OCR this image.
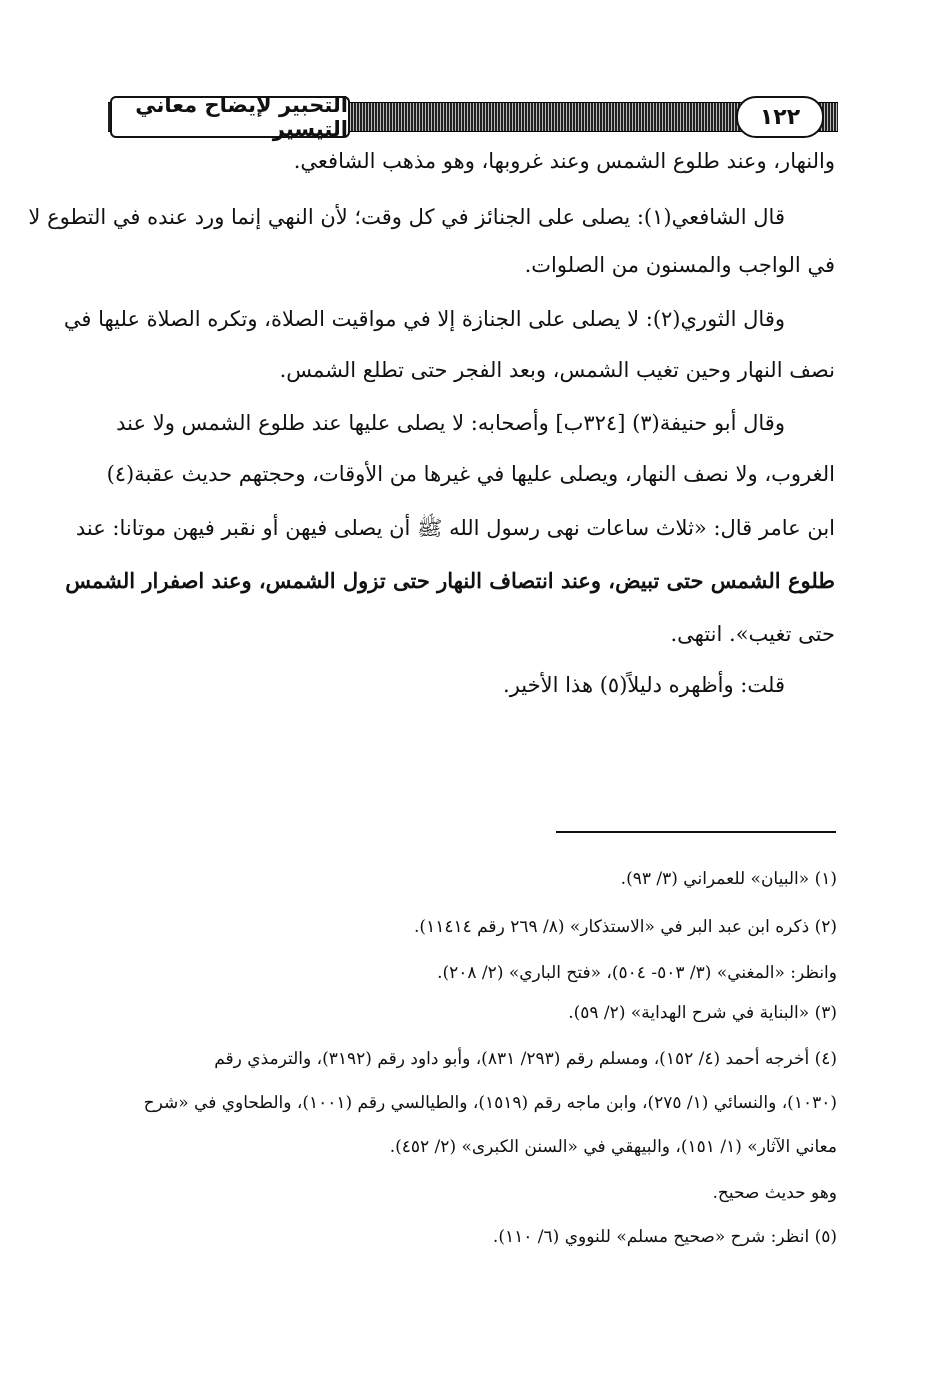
التحبير لإيضاح معاني التيسير	١٢٢
والنهار، وعند طلوع الشمس وعند غروبها، وهو مذهب الشافعي.
قال الشافعي(١): يصلى على الجنائز في كل وقت؛ لأن النهي إنما ورد عنده في التطوع لا
في الواجب والمسنون من الصلوات.
وقال الثوري(٢): لا يصلى على الجنازة إلا في مواقيت الصلاة، وتكره الصلاة عليها في
نصف النهار وحين تغيب الشمس، وبعد الفجر حتى تطلع الشمس.
وقال أبو حنيفة(٣) [٣٢٤ب] وأصحابه: لا يصلى عليها عند طلوع الشمس ولا عند
الغروب، ولا نصف النهار، ويصلى عليها في غيرها من الأوقات، وحجتهم حديث عقبة(٤)
ابن عامر قال: «ثلاث ساعات نهى رسول الله ﷺ أن يصلى فيهن أو نقبر فيهن موتانا: عند
طلوع الشمس حتى تبيض، وعند انتصاف النهار حتى تزول الشمس، وعند اصفرار الشمس
حتى تغيب». انتهى.
قلت: وأظهره دليلاً(٥) هذا الأخير.
(١) «البيان» للعمراني (٣/ ٩٣).
(٢) ذكره ابن عبد البر في «الاستذكار» (٨/ ٢٦٩ رقم ١١٤١٤).
وانظر: «المغني» (٣/ ٥٠٣- ٥٠٤)، «فتح الباري» (٢/ ٢٠٨).
(٣) «البناية في شرح الهداية» (٢/ ٥٩).
(٤) أخرجه أحمد (٤/ ١٥٢)، ومسلم رقم (٢٩٣/ ٨٣١)، وأبو داود رقم (٣١٩٢)، والترمذي رقم
(١٠٣٠)، والنسائي (١/ ٢٧٥)، وابن ماجه رقم (١٥١٩)، والطيالسي رقم (١٠٠١)، والطحاوي في «شرح
معاني الآثار» (١/ ١٥١)، والبيهقي في «السنن الكبرى» (٢/ ٤٥٢).
وهو حديث صحيح.
(٥) انظر: شرح «صحيح مسلم» للنووي (٦/ ١١٠).
